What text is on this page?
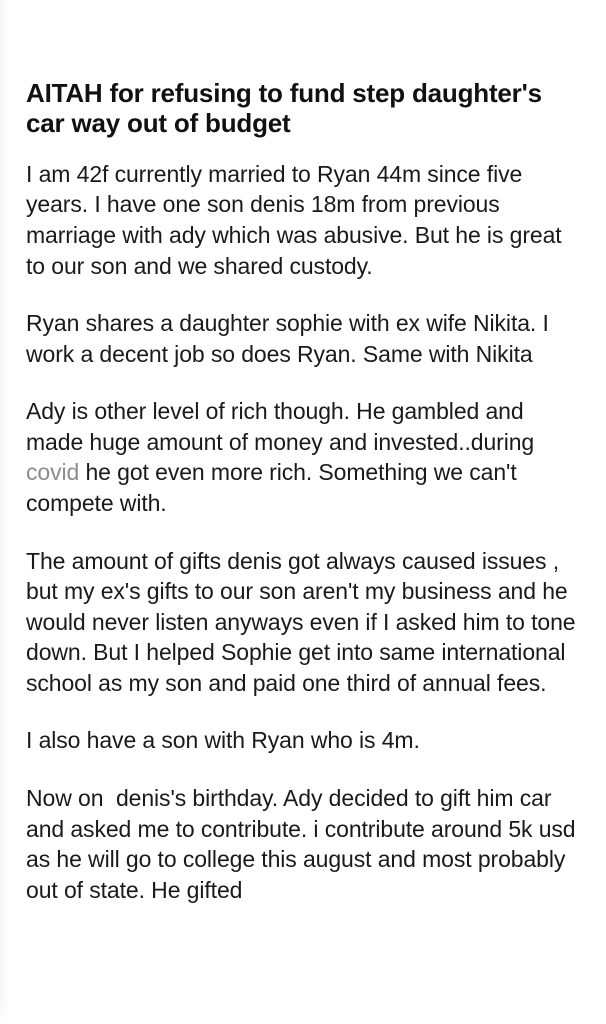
AITAH for refusing to fund step daughter's car way out of budget

I am 42f currently married to Ryan 44m since five years. I have one son denis 18m from previous marriage with ady which was abusive. But he is great to our son and we shared custody.

Ryan shares a daughter sophie with ex wife Nikita. I work a decent job so does Ryan. Same with Nikita

Ady is other level of rich though. He gambled and made huge amount of money and invested..during covid he got even more rich. Something we can't compete with.

The amount of gifts denis got always caused issues , but my ex's gifts to our son aren't my business and he would never listen anyways even if I asked him to tone down. But I helped Sophie get into same international school as my son and paid one third of annual fees.

I also have a son with Ryan who is 4m.

Now on  denis's birthday. Ady decided to gift him car and asked me to contribute. i contribute around 5k usd as he will go to college this august and most probably out of state. He gifted
